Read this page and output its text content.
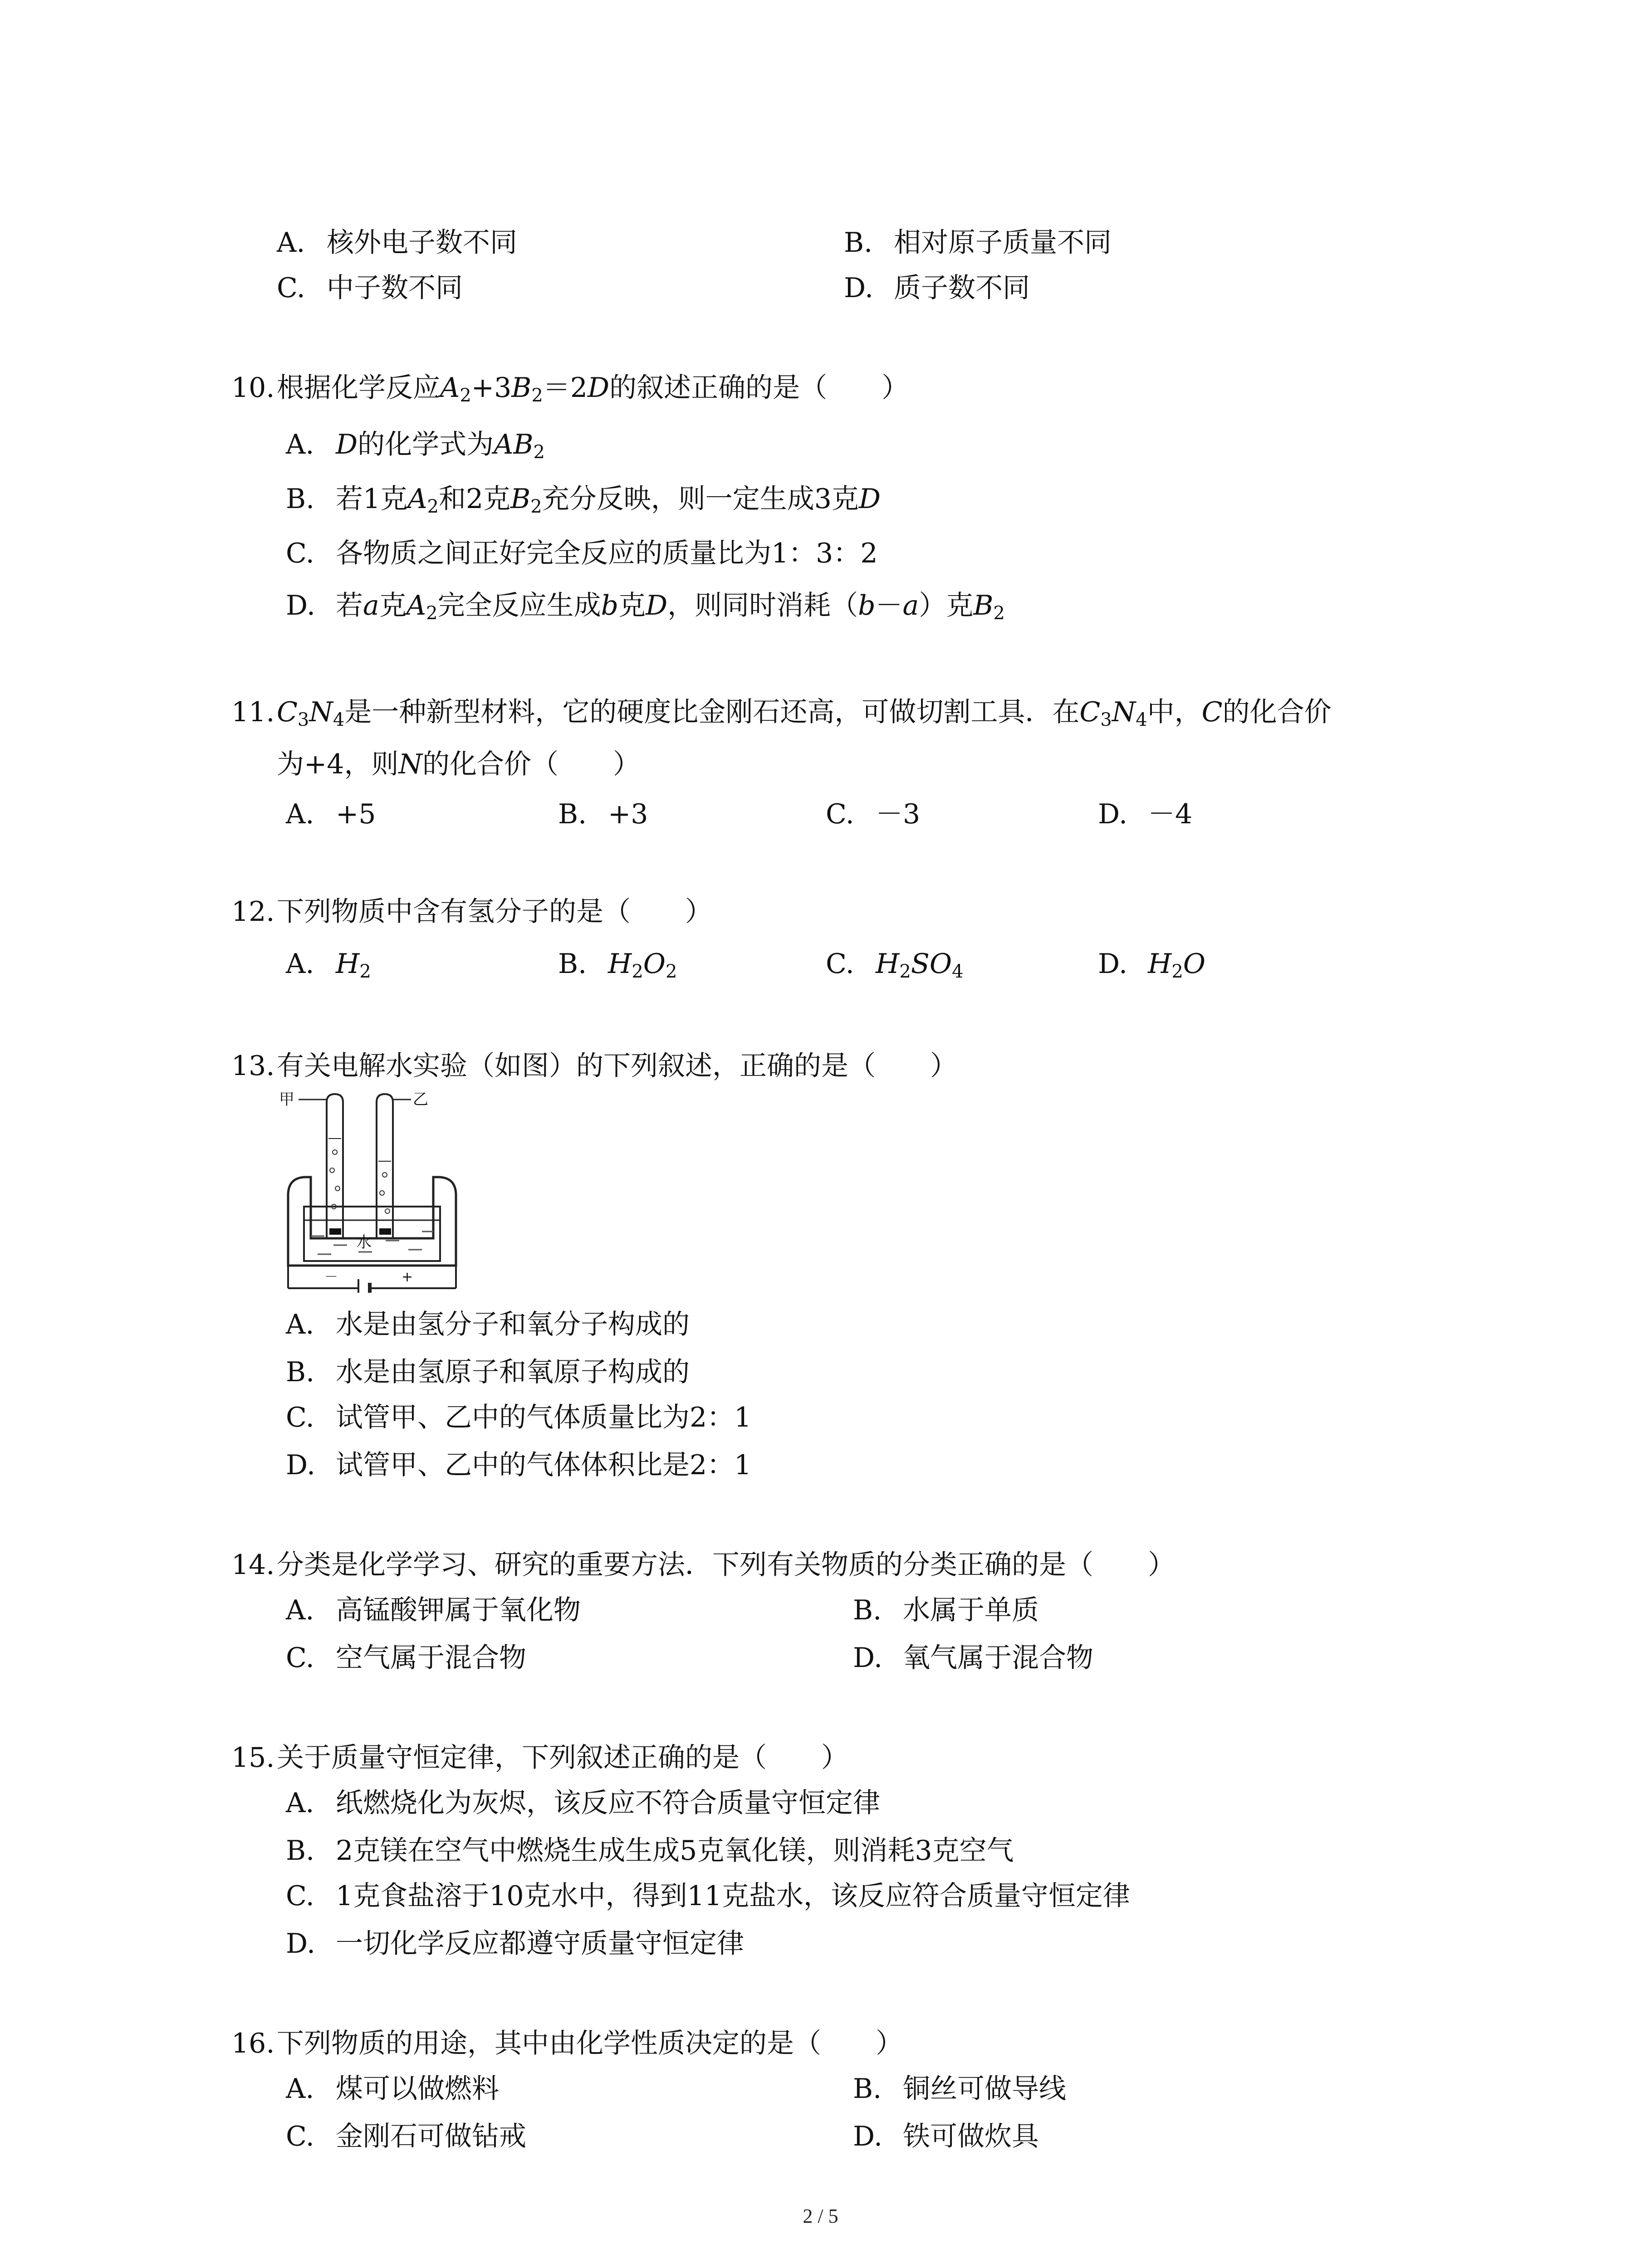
A. 核外电子数不同	B. 相对原子质量不同
C. 中子数不同	D. 质子数不同
10.根据化学反应$A_2+3B_2=2D$的叙述正确的是（　　）
A. D的化学式为$AB_2$
B. 若1克$A_2$和2克$B_2$充分反映，则一定生成3克D
C. 各物质之间正好完全反应的质量比为1：3：2
D. 若a克$A_2$完全反应生成b克D，则同时消耗（b－a）克$B_2$
$11.C_3N_4$是一种新型材料，它的硬度比金刚石还高，可做切割工具．在$C_3N_4$中，C的化合价
为+4，则N的化合价（　　）
A. +5	B. +3	C. －3	D. －4
12.下列物质中含有氢分子的是（　　）
A. $H_2$	B. $H_2O_2$	C. $H_2SO_4$	D. $H_2O$
13.有关电解水实验（如图）的下列叙述，正确的是（　　）
甲	乙
水
－	+
A. 水是由氢分子和氧分子构成的
B. 水是由氢原子和氧原子构成的
C. 试管甲、乙中的气体质量比为2：1
D. 试管甲、乙中的气体体积比是2：1
14.分类是化学学习、研究的重要方法．下列有关物质的分类正确的是（　　）
A. 高锰酸钾属于氧化物	B. 水属于单质
C. 空气属于混合物	D. 氧气属于混合物
15.关于质量守恒定律，下列叙述正确的是（　　）
A. 纸燃烧化为灰烬，该反应不符合质量守恒定律
B. 2克镁在空气中燃烧生成生成5克氧化镁，则消耗3克空气
C. 1克食盐溶于10克水中，得到11克盐水，该反应符合质量守恒定律
D. 一切化学反应都遵守质量守恒定律
16.下列物质的用途，其中由化学性质决定的是（　　）
A. 煤可以做燃料	B. 铜丝可做导线
C. 金刚石可做钻戒	D. 铁可做炊具
2 / 5
